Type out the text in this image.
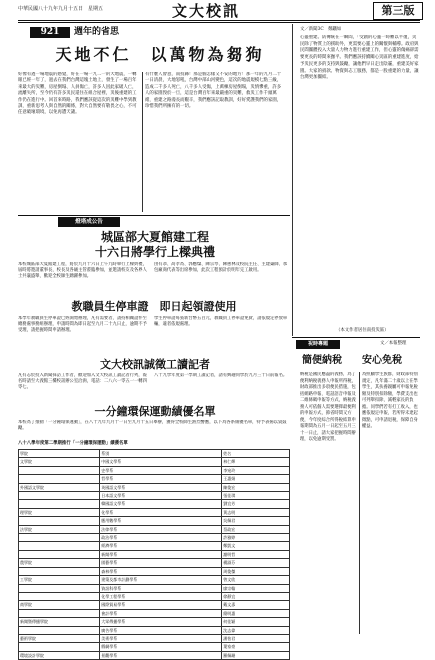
中華民國八十九年九月十五日　星期五	文大校訊	第三版
921	週年的省思
天地不仁　以萬物為芻狗
好像有過一場地震的感覺，好在一場一九二一的大地震，一轉眼已經一年了，過去在我們台灣這塊土地上，發生了一場百年來最大的災難，房屋倒塌、人員傷亡，許多人因此家破人亡，流離失所，至今仍有許多災民還住在組合屋裡，災後重建的工作仍在進行中。回首來時路，我們應該從這次的災難中學到教訓，重新思考人與自然的關係，對大自然要有敬畏之心，不可任意破壞環境，以免再遭天譴。
有什麼人會意，南投縣！那是個怎樣又不安的地方！那一年的九月二十一日清晨，大地怒吼，台灣中部山河變色，這次的地震規模七點三級，造成二千多人死亡，八千多人受傷，上萬棟房屋倒塌，災情慘重，許多人的家園毀於一旦，這是台灣百年來最嚴重的災難，救災工作千頭萬緒，重建之路漫長而艱辛，我們應該記取教訓，好好愛護我們的家園，珍惜我們所擁有的一切。
燈塔成公告
城區部大夏館建工程
十六日將學行上樑典禮
本校城區部大夏館建工程，將於九月十六日上午九時舉行上樑典禮，屆時將邀請董事長、校長及各級主管蒞臨參加，並邀請校友及各界人士共襄盛舉，歡迎全校師生踴躍參加。
由有恭、高孝為、郭應燦、陳宗琴、陳惠林及校院主任、主建築師、承包廠商代表等出席參加，此次工程預計於明年完工啟用。
教職員生停車證　即日起領證使用
本學年教職員生停車證已經開始辦理，凡有需要者，請持相關證件至總務處事務組辦理，申請時間為即日起至九月二十九日止，逾期不予受理，請把握時間申請辦理。
學生停車證每張新台幣五百元，教職員工停車證免費，請依規定停放車輛，違者依規處理。
文大校訊誠徵工讀記者
凡有志於投入新聞採訪工作者，歡迎加入文大校訊工讀記者行列，報名時請至大義館三樓校訊辦公室洽詢，電話：二八六一零五一一轉四零七。
八十九學年度第一學期工讀記者，請有興趣同學於九月三十日前報名。
一分鐘環保運動績優名單
本校為了推動「一分鐘環保運動」，在八十九年九月十一日至九月十五日舉辦，獲得全校師生熱烈響應，以下為各系績優名單，特予表揚以資鼓勵。
八十八學年度第二學期推行「一分鐘環保運動」績優名單
學院	系別	姓名
文學院	中國文學系	林仁輝
	史學系	李宛玲
	哲學系	王惠娟
外國語文學院	英國語文學系	陳俊宏
	日本語文學系	張佳琪
	韓國語文學系	劉宜芳
理學院	化學系	黃志明
	應用數學系	吳佩君
法學院	法律學系	蔡政宏
	政治學系	許雅婷
	經濟學系	鄭凱文
	新聞學系	謝明哲
農學院	園藝學系	楊淑芬
	森林學系	周俊傑
工學院	建築及都市計劃學系	曾文欣
	資訊科學系	廖宗翰
	化學工程學系	徐靜宜
商學院	國際貿易學系	戴文彥
	會計學系	簡明惠
新聞暨傳播學院	大眾傳播學系	何佳穎
	廣告學系	沈志偉
藝術學院	美術學系	潘怡君
	戲劇學系	葉家豪
環境設計學院	景觀學系	羅佩珊
文／新聞3C　鄭鐵如
心靈重建。防傳統在一瞬間，「受創的心靈一時難以平復，災民除了物質上的援助外，更需要心靈上的關懷與輔導。政府與民間團體投入大量人力物力進行重建工作，但心靈的傷痛卻需要更長的時間來撫平。我們應該持續關心災區的重建進度，給予災民更多的支持與鼓勵，讓他們早日走出陰霾，重建美好家園。大家的捐款、物資與志工服務，都是一股重建的力量，讓台灣更加團結。
（本文作者居住南投災區）
祝時專題	文／本報整理
簡便納稅 安心免稅
納稅是國民應盡的義務，為了便利納稅義務人申報所得稅，財政部推出多項便民措施，包括網路申報、電話語音申報及二維條碼申報等方式，納稅義務人可依個人需要選擇最便利的申報方式，節省時間又方便，今年度綜合所得稅結算申報期間為五月一日起至五月三十一日止，請大家把握時間辦理，以免逾期受罰。
為照顧學生族群，財政部特別規定，凡年滿二十歲以上在學學生，其扶養親屬可申報免稅額及特別扣除額，學費支出也可列舉扣除，減輕家長的負擔。同學們若有打工收入，也應依規定申報，若所得未達起徵點，可申請退稅，保障自身權益。
